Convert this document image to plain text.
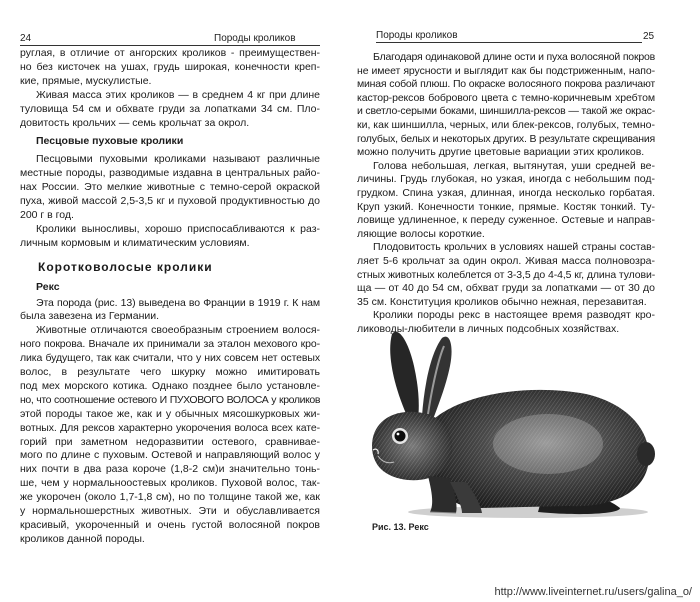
24	Породы кроликов	Породы кроликов	25
руглая, в отличие от ангорских кроликов - преимуществен-
но без кисточек на ушах, грудь широкая, конечности креп-
кие, прямые, мускулистые.
Живая масса этих кроликов — в среднем 4 кг при длине
туловища 54 см и обхвате груди за лопатками 34 см. Пло-
довитость крольчих — семь крольчат за окрол.
Песцовые пуховые кролики
Песцовыми пуховыми кроликами называют различные
местные породы, разводимые издавна в центральных райо-
нах России. Это мелкие животные с темно-серой окраской
пуха, живой массой 2,5-3,5 кг и пуховой продуктивностью до
200 г в год.
Кролики выносливы, хорошо приспосабливаются к раз-
личным кормовым и климатическим условиям.
Коротковолосые кролики
Рекс
Эта порода (рис. 13) выведена во Франции в 1919 г. К нам
была завезена из Германии.
Животные отличаются своеобразным строением волося-
ного покрова. Вначале их принимали за эталон мехового кро-
лика будущего, так как считали, что у них совсем нет остевых
волос, в результате чего шкурку можно имитировать
под мех морского котика. Однако позднее было установле-
но, что соотношение остевого И ПУХОВОГО ВОЛОСА у кроликов
этой породы такое же, как и у обычных мясошкурковых жи-
вотных. Для рексов характерно укорочения волоса всех кате-
горий при заметном недоразвитии остевого, сравнивае-
мого по длине с пуховым. Остевой и направляющий волос у
них почти в два раза короче (1,8-2 см)и значительно тонь-
ше, чем у нормальноостевых кроликов. Пуховой волос, так-
же укорочен (около 1,7-1,8 см), но по толщине такой же, как
у нормальношерстных животных. Эти и обуславливается
красивый, укороченный и очень густой волосяной покров
кроликов данной породы.
Благодаря одинаковой длине ости и пуха волосяной покров
не имеет ярусности и выглядит как бы подстриженным, напо-
миная собой плюш. По окраске волосяного покрова различают
кастор-рексов бобрового цвета с темно-коричневым хребтом
и светло-серыми боками, шиншилла-рексов — такой же окрас-
ки, как шиншилла, черных, или блек-рексов, голубых, темно-
голубых, белых и некоторых других. В результате скрещивания
можно получить другие цветовые вариации этих кроликов.
Голова небольшая, легкая, вытянутая, уши средней ве-
личины. Грудь глубокая, но узкая, иногда с небольшим под-
грудком. Спина узкая, длинная, иногда несколько горбатая.
Круп узкий. Конечности тонкие, прямые. Костяк тонкий. Ту-
ловище удлиненное, к переду суженное. Остевые и направ-
ляющие волосы короткие.
Плодовитость крольчих в условиях нашей страны состав-
ляет 5-6 крольчат за один окрол. Живая масса полновозра-
стных животных колеблется от 3-3,5 до 4-4,5 кг, длина тулови-
ща — от 40 до 54 см, обхват груди за лопатками — от 30 до
35 см. Конституция кроликов обычно нежная, перезавитая.
Кролики породы рекс в настоящее время разводят кро-
лиководы-любители в личных подсобных хозяйствах.
Рис. 13. Рекс
http://www.liveinternet.ru/users/galina_o/
